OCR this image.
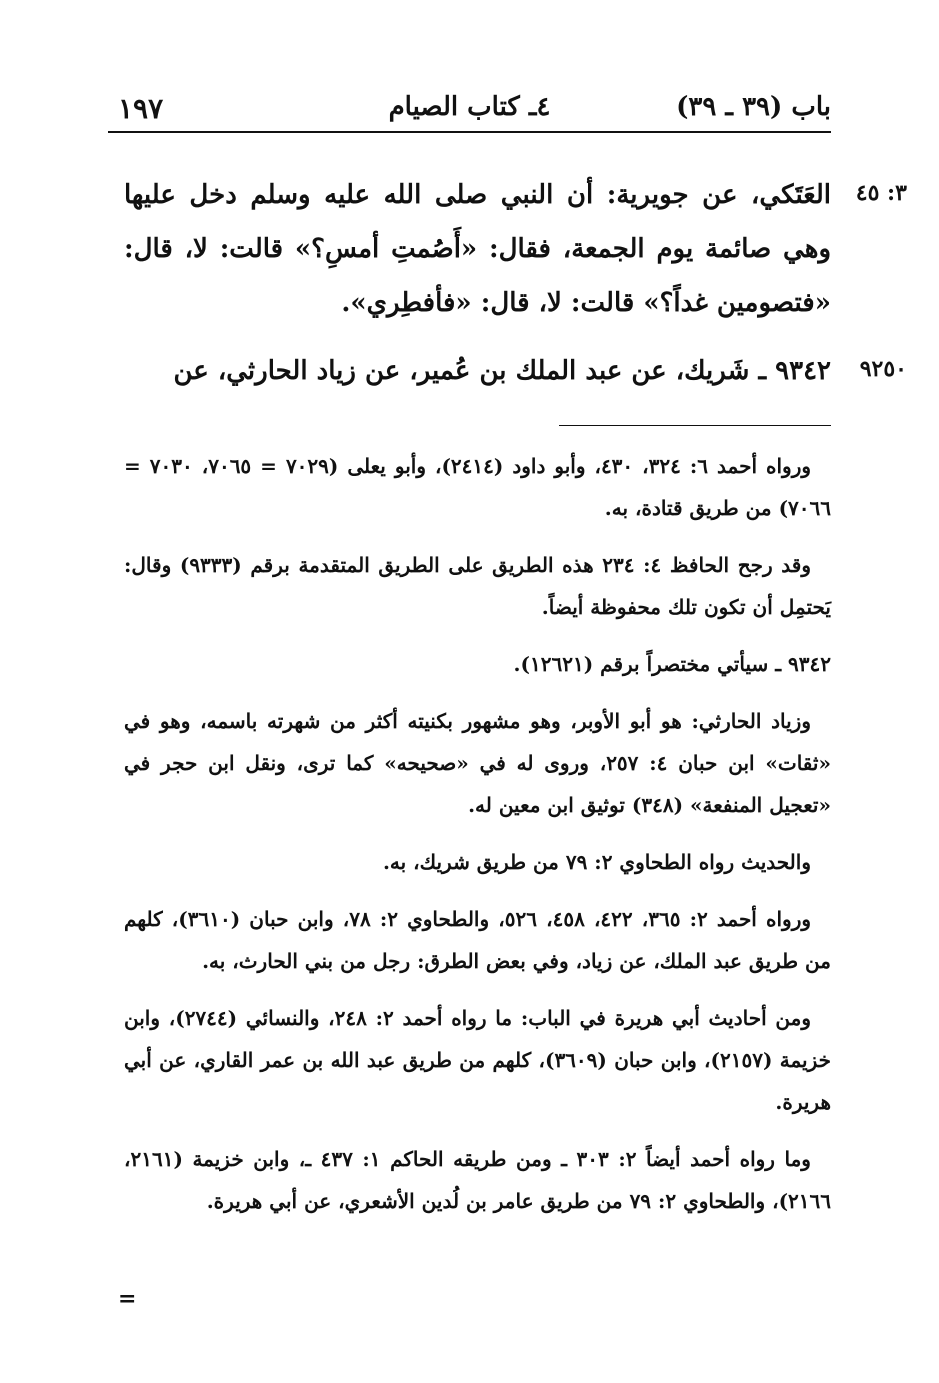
١٩٧	٤ـ كتاب الصيام	باب (٣٩ ـ ٣٩)
٣: ٤٥
٩٢٥٠
العَتَكي، عن جويرية: أن النبي صلى الله عليه وسلم دخل عليها وهي صائمة يوم الجمعة، فقال: «أَصُمتِ أمسِ؟» قالت: لا، قال: «فتصومين غداً؟» قالت: لا، قال: «فأفطِري».
٩٣٤٢ ـ شَريك، عن عبد الملك بن عُمير، عن زياد الحارثي، عن

ورواه أحمد ٦: ٣٢٤، ٤٣٠، وأبو داود (٢٤١٤)، وأبو يعلى (٧٠٢٩ = ٧٠٦٥، ٧٠٣٠ = ٧٠٦٦) من طريق قتادة، به.

وقد رجح الحافظ ٤: ٢٣٤ هذه الطريق على الطريق المتقدمة برقم (٩٣٣٣) وقال: يَحتمِل أن تكون تلك محفوظة أيضاً.

٩٣٤٢ ـ سيأتي مختصراً برقم (١٢٦٢١).

وزياد الحارثي: هو أبو الأوبر، وهو مشهور بكنيته أكثر من شهرته باسمه، وهو في «ثقات» ابن حبان ٤: ٢٥٧، وروى له في «صحيحه» كما ترى، ونقل ابن حجر في «تعجيل المنفعة» (٣٤٨) توثيق ابن معين له.

والحديث رواه الطحاوي ٢: ٧٩ من طريق شريك، به.

ورواه أحمد ٢: ٣٦٥، ٤٢٢، ٤٥٨، ٥٢٦، والطحاوي ٢: ٧٨، وابن حبان (٣٦١٠)، كلهم من طريق عبد الملك، عن زياد، وفي بعض الطرق: رجل من بني الحارث، به.

ومن أحاديث أبي هريرة في الباب: ما رواه أحمد ٢: ٢٤٨، والنسائي (٢٧٤٤)، وابن خزيمة (٢١٥٧)، وابن حبان (٣٦٠٩)، كلهم من طريق عبد الله بن عمر القاري، عن أبي هريرة.

وما رواه أحمد أيضاً ٢: ٣٠٣ ـ ومن طريقه الحاكم ١: ٤٣٧ ـ، وابن خزيمة (٢١٦١، ٢١٦٦)، والطحاوي ٢: ٧٩ من طريق عامر بن لُدين الأشعري، عن أبي هريرة.

=
